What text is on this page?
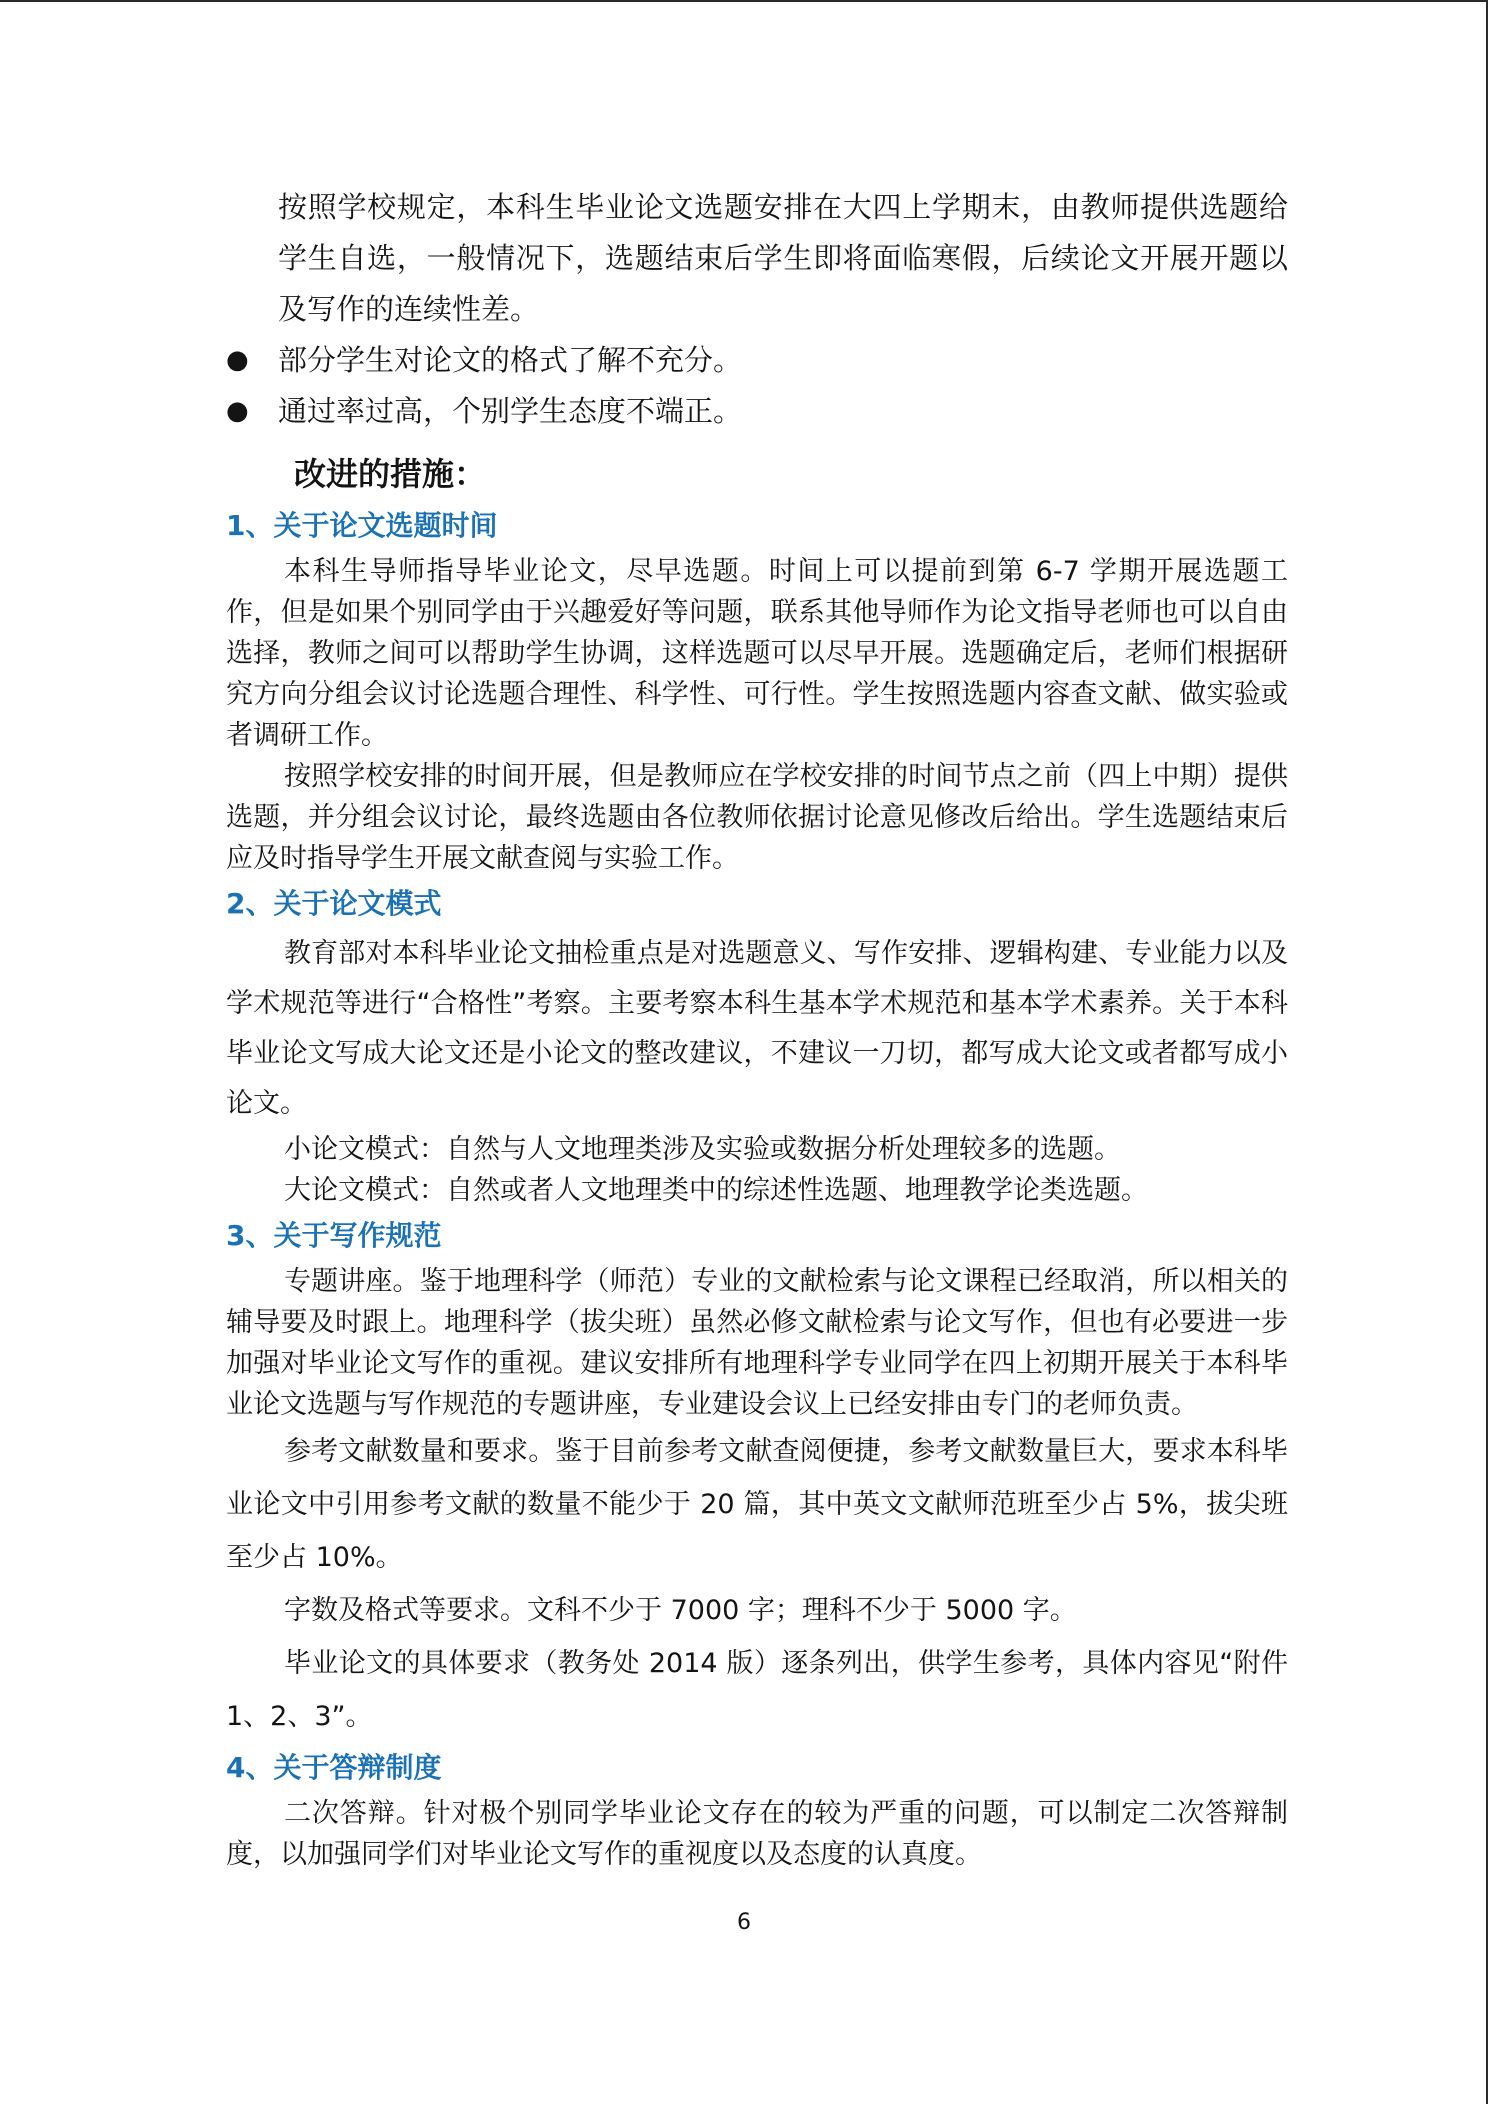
按照学校规定，本科生毕业论文选题安排在大四上学期末，由教师提供选题给学生自选，一般情况下，选题结束后学生即将面临寒假，后续论文开展开题以及写作的连续性差。

●	部分学生对论文的格式了解不充分。
●	通过率过高，个别学生态度不端正。
改进的措施：
1、关于论文选题时间

本科生导师指导毕业论文，尽早选题。时间上可以提前到第 6-7 学期开展选题工作，但是如果个别同学由于兴趣爱好等问题，联系其他导师作为论文指导老师也可以自由选择，教师之间可以帮助学生协调，这样选题可以尽早开展。选题确定后，老师们根据研究方向分组会议讨论选题合理性、科学性、可行性。学生按照选题内容查文献、做实验或者调研工作。

按照学校安排的时间开展，但是教师应在学校安排的时间节点之前（四上中期）提供选题，并分组会议讨论，最终选题由各位教师依据讨论意见修改后给出。学生选题结束后应及时指导学生开展文献查阅与实验工作。

2、关于论文模式

教育部对本科毕业论文抽检重点是对选题意义、写作安排、逻辑构建、专业能力以及学术规范等进行“合格性”考察。主要考察本科生基本学术规范和基本学术素养。关于本科毕业论文写成大论文还是小论文的整改建议，不建议一刀切，都写成大论文或者都写成小论文。

小论文模式：自然与人文地理类涉及实验或数据分析处理较多的选题。

大论文模式：自然或者人文地理类中的综述性选题、地理教学论类选题。

3、关于写作规范

专题讲座。鉴于地理科学（师范）专业的文献检索与论文课程已经取消，所以相关的辅导要及时跟上。地理科学（拔尖班）虽然必修文献检索与论文写作，但也有必要进一步加强对毕业论文写作的重视。建议安排所有地理科学专业同学在四上初期开展关于本科毕业论文选题与写作规范的专题讲座，专业建设会议上已经安排由专门的老师负责。

参考文献数量和要求。鉴于目前参考文献查阅便捷，参考文献数量巨大，要求本科毕业论文中引用参考文献的数量不能少于 20 篇，其中英文文献师范班至少占 5%，拔尖班至少占 10%。

字数及格式等要求。文科不少于 7000 字；理科不少于 5000 字。

毕业论文的具体要求（教务处 2014 版）逐条列出，供学生参考，具体内容见“附件 1、2、3”。

4、关于答辩制度

二次答辩。针对极个别同学毕业论文存在的较为严重的问题，可以制定二次答辩制度，以加强同学们对毕业论文写作的重视度以及态度的认真度。

6
